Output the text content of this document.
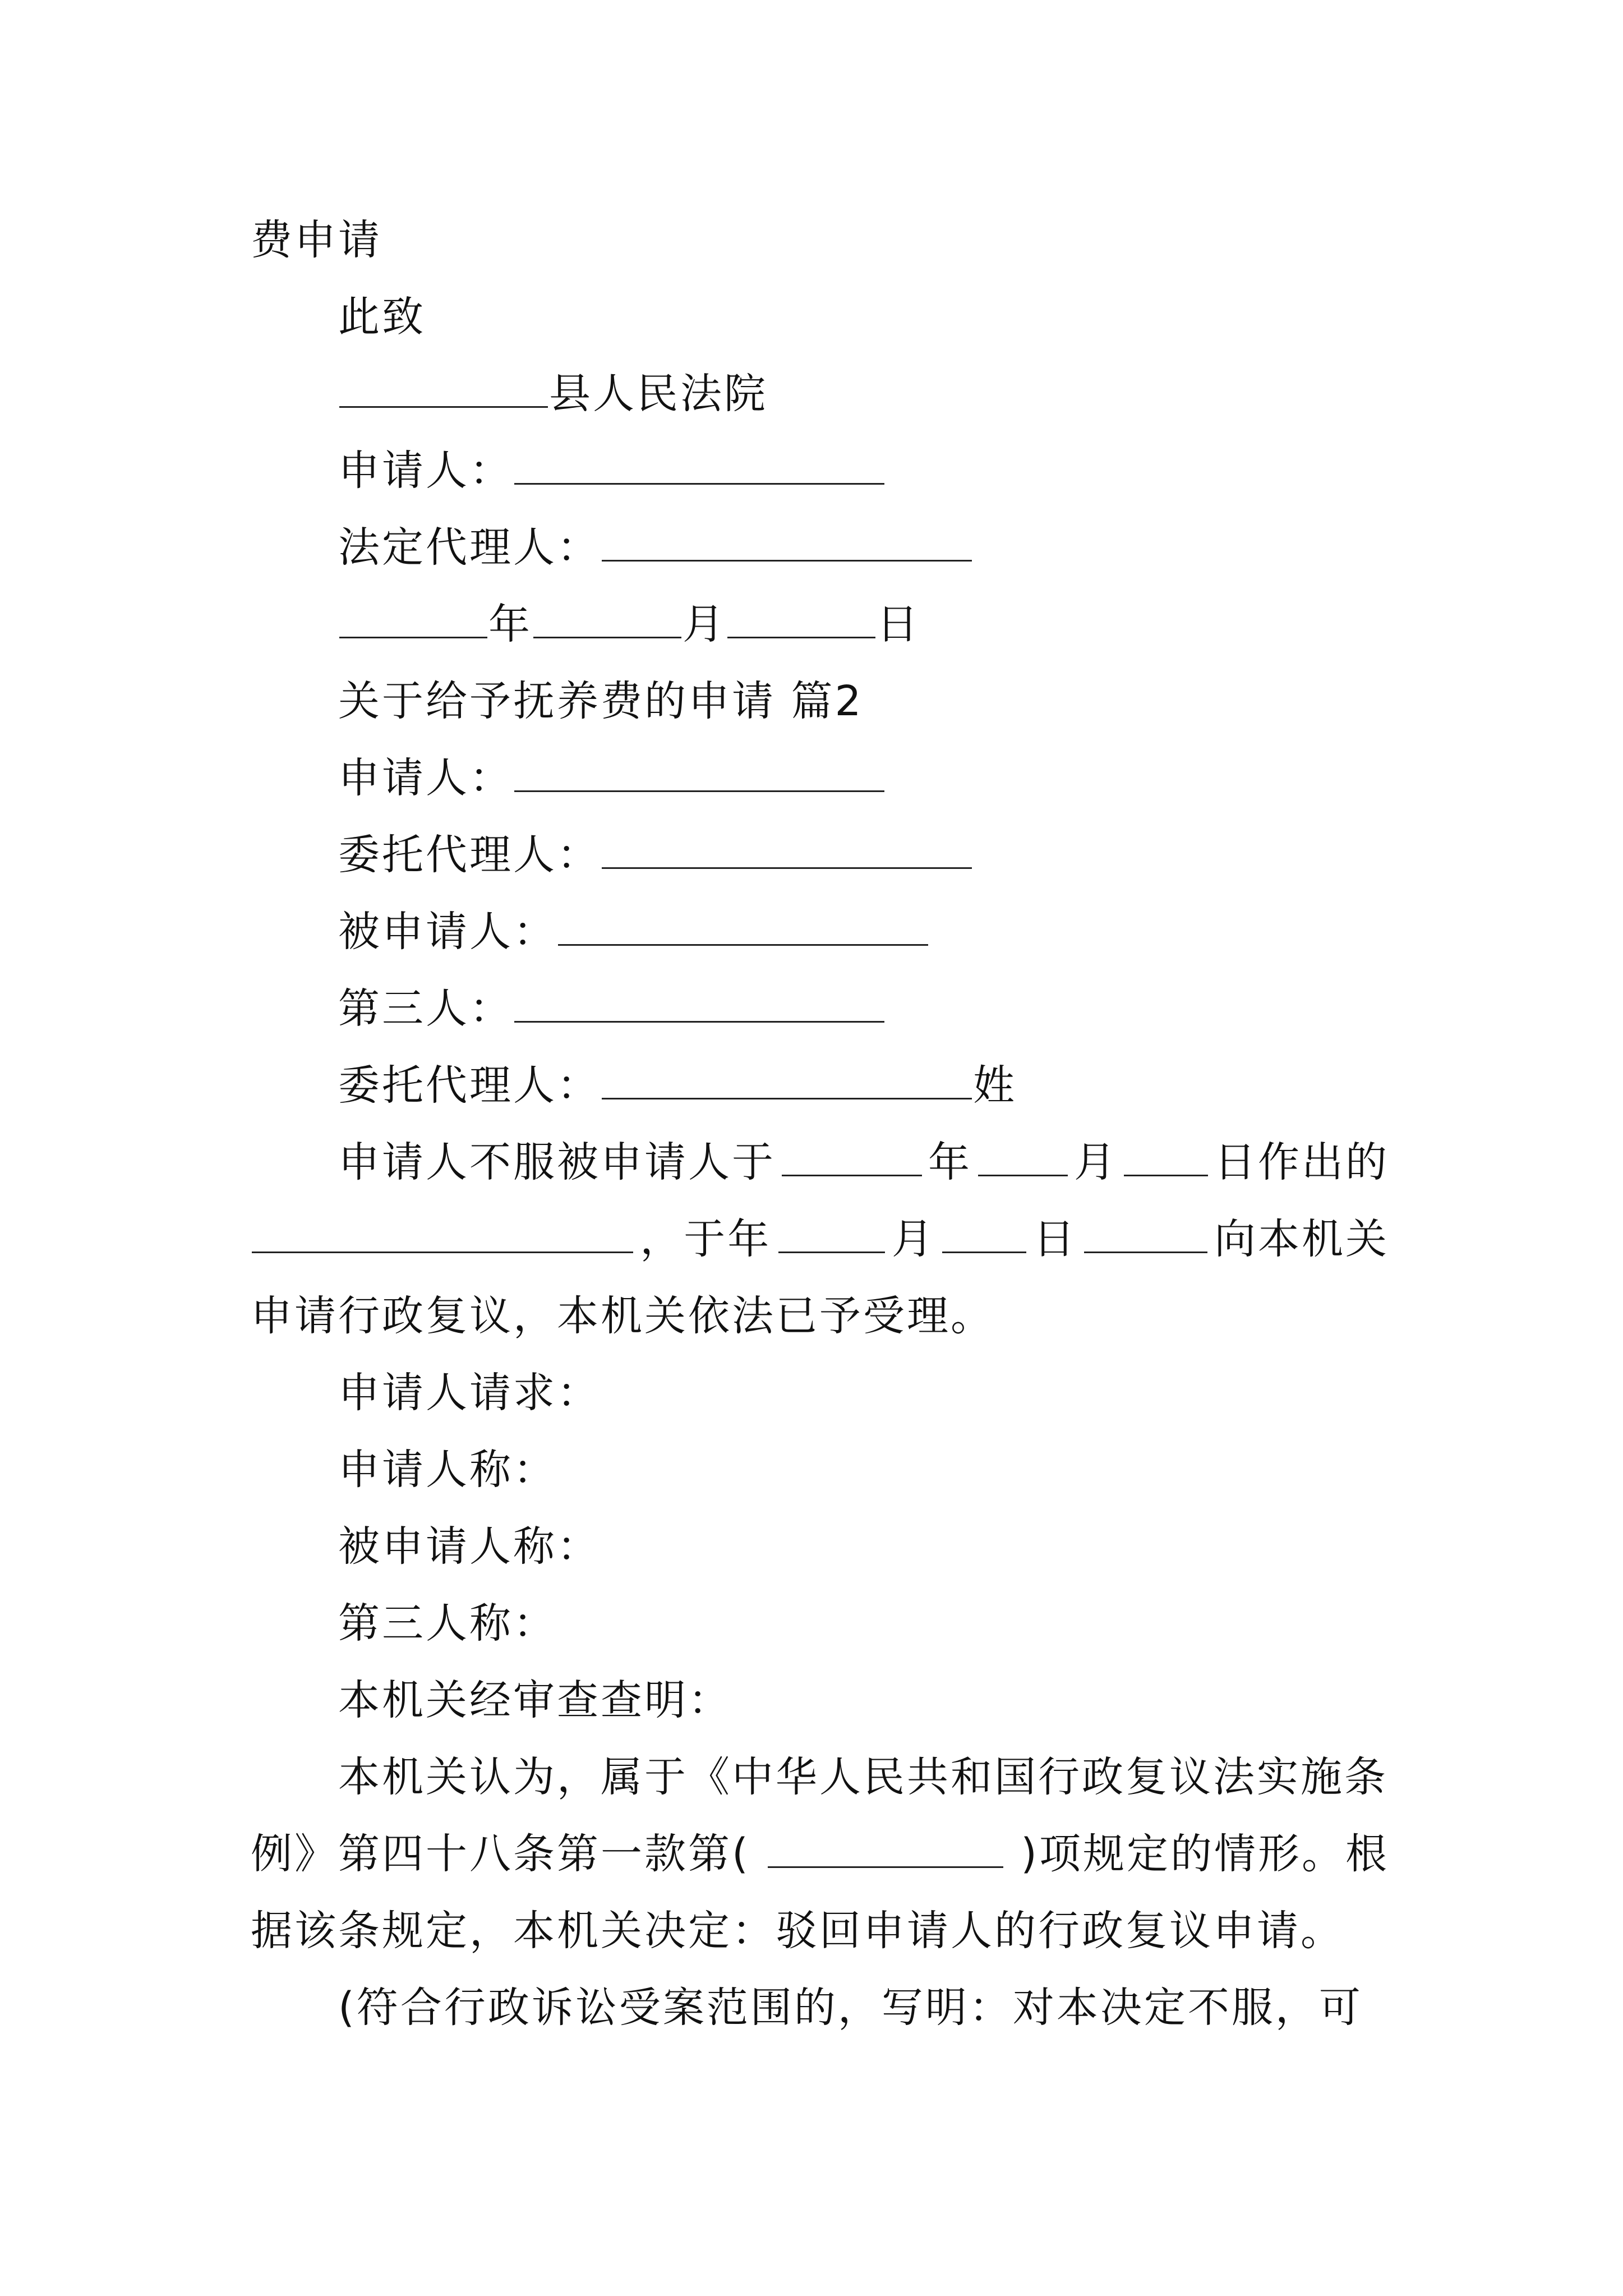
费申请
此致
县人民法院
申请人：
法定代理人：
年	月	日
关于给予抚养费的申请 篇2
申请人：
委托代理人：
被申请人：
第三人：
委托代理人：	姓
申请人不服被申请人于	年 月 日作出的
，于年	月 日	向本机关
申请行政复议，本机关依法已予受理。
申请人请求：
申请人称：
被申请人称：
第三人称：
本机关经审查查明：
本机关认为，属于《中华人民共和国行政复议法实施条
例》第四十八条第一款第(	)项规定的情形。根
据该条规定，本机关决定：驳回申请人的行政复议申请。
(符合行政诉讼受案范围的，写明：对本决定不服，可
